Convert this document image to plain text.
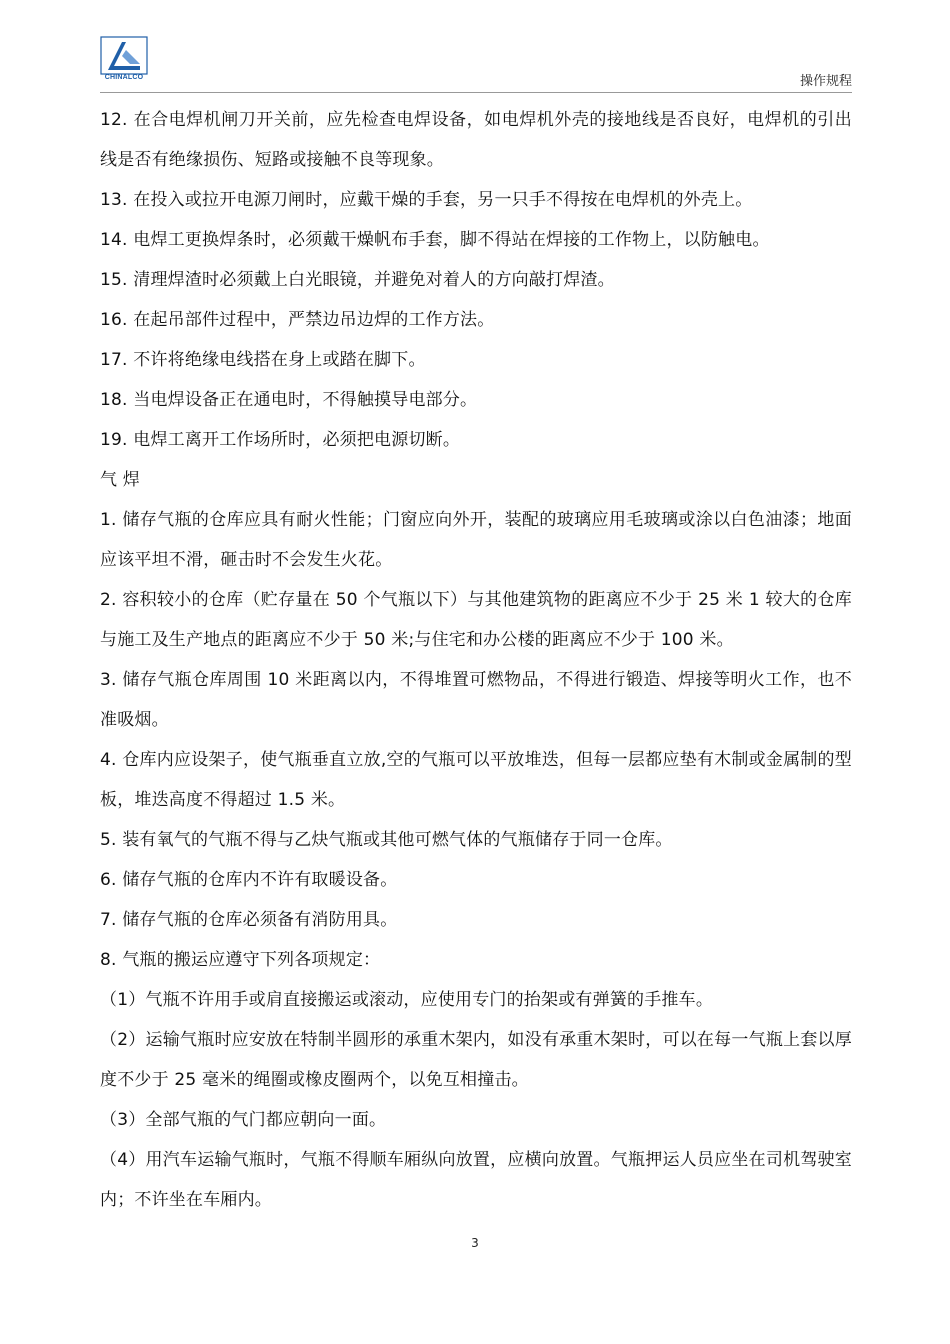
CHINALCO	操作规程

12. 在合电焊机闸刀开关前，应先检查电焊设备，如电焊机外壳的接地线是否良好，电焊机的引出线是否有绝缘损伤、短路或接触不良等现象。

13. 在投入或拉开电源刀闸时，应戴干燥的手套，另一只手不得按在电焊机的外壳上。

14. 电焊工更换焊条时，必须戴干燥帆布手套，脚不得站在焊接的工作物上，以防触电。

15. 清理焊渣时必须戴上白光眼镜，并避免对着人的方向敲打焊渣。

16. 在起吊部件过程中，严禁边吊边焊的工作方法。

17. 不许将绝缘电线搭在身上或踏在脚下。

18. 当电焊设备正在通电时，不得触摸导电部分。

19. 电焊工离开工作场所时，必须把电源切断。

气 焊

1. 储存气瓶的仓库应具有耐火性能；门窗应向外开，装配的玻璃应用毛玻璃或涂以白色油漆；地面应该平坦不滑，砸击时不会发生火花。

2. 容积较小的仓库（贮存量在 50 个气瓶以下）与其他建筑物的距离应不少于 25 米 1 较大的仓库与施工及生产地点的距离应不少于 50 米;与住宅和办公楼的距离应不少于 100 米。

3. 储存气瓶仓库周围 10 米距离以内，不得堆置可燃物品，不得进行锻造、焊接等明火工作，也不准吸烟。

4. 仓库内应设架子，使气瓶垂直立放,空的气瓶可以平放堆迭，但每一层都应垫有木制或金属制的型板，堆迭高度不得超过 1.5 米。

5. 装有氧气的气瓶不得与乙炔气瓶或其他可燃气体的气瓶储存于同一仓库。

6. 储存气瓶的仓库内不许有取暖设备。

7. 储存气瓶的仓库必须备有消防用具。

8. 气瓶的搬运应遵守下列各项规定：

（1）气瓶不许用手或肩直接搬运或滚动，应使用专门的抬架或有弹簧的手推车。

（2）运输气瓶时应安放在特制半圆形的承重木架内，如没有承重木架时，可以在每一气瓶上套以厚度不少于 25 毫米的绳圈或橡皮圈两个，以免互相撞击。

（3）全部气瓶的气门都应朝向一面。

（4）用汽车运输气瓶时，气瓶不得顺车厢纵向放置，应横向放置。气瓶押运人员应坐在司机驾驶室内；不许坐在车厢内。

3
